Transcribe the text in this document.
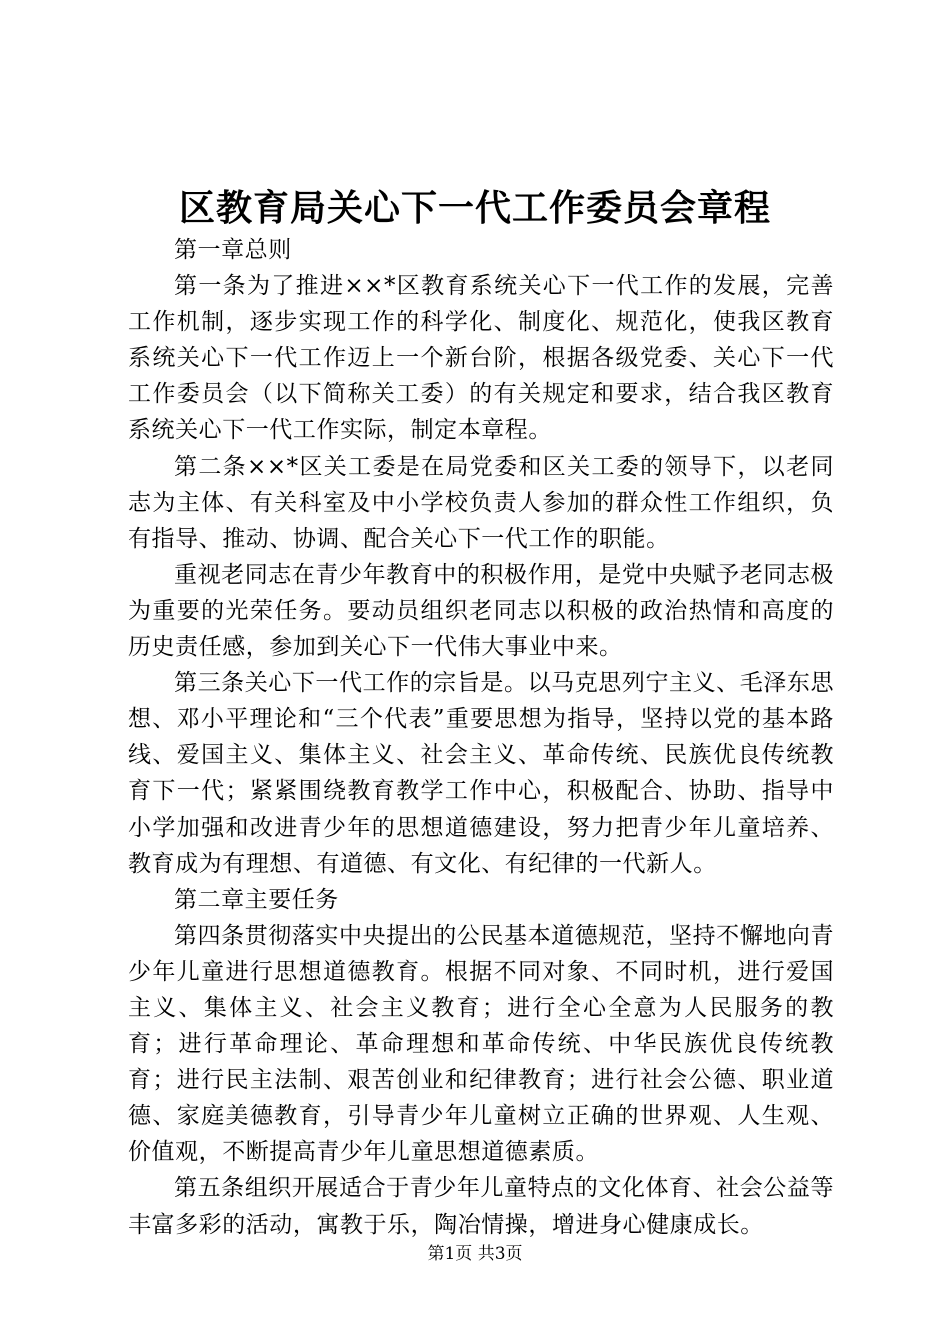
区教育局关心下一代工作委员会章程

第一章总则

第一条为了推进××*区教育系统关心下一代工作的发展，完善工作机制，逐步实现工作的科学化、制度化、规范化，使我区教育系统关心下一代工作迈上一个新台阶，根据各级党委、关心下一代工作委员会（以下简称关工委）的有关规定和要求，结合我区教育系统关心下一代工作实际，制定本章程。

第二条××*区关工委是在局党委和区关工委的领导下，以老同志为主体、有关科室及中小学校负责人参加的群众性工作组织，负有指导、推动、协调、配合关心下一代工作的职能。

重视老同志在青少年教育中的积极作用，是党中央赋予老同志极为重要的光荣任务。要动员组织老同志以积极的政治热情和高度的历史责任感，参加到关心下一代伟大事业中来。

第三条关心下一代工作的宗旨是。以马克思列宁主义、毛泽东思想、邓小平理论和“三个代表”重要思想为指导，坚持以党的基本路线、爱国主义、集体主义、社会主义、革命传统、民族优良传统教育下一代；紧紧围绕教育教学工作中心，积极配合、协助、指导中小学加强和改进青少年的思想道德建设，努力把青少年儿童培养、教育成为有理想、有道德、有文化、有纪律的一代新人。

第二章主要任务

第四条贯彻落实中央提出的公民基本道德规范，坚持不懈地向青少年儿童进行思想道德教育。根据不同对象、不同时机，进行爱国主义、集体主义、社会主义教育；进行全心全意为人民服务的教育；进行革命理论、革命理想和革命传统、中华民族优良传统教育；进行民主法制、艰苦创业和纪律教育；进行社会公德、职业道德、家庭美德教育，引导青少年儿童树立正确的世界观、人生观、价值观，不断提高青少年儿童思想道德素质。

第五条组织开展适合于青少年儿童特点的文化体育、社会公益等丰富多彩的活动，寓教于乐，陶冶情操，增进身心健康成长。

第1页 共3页
